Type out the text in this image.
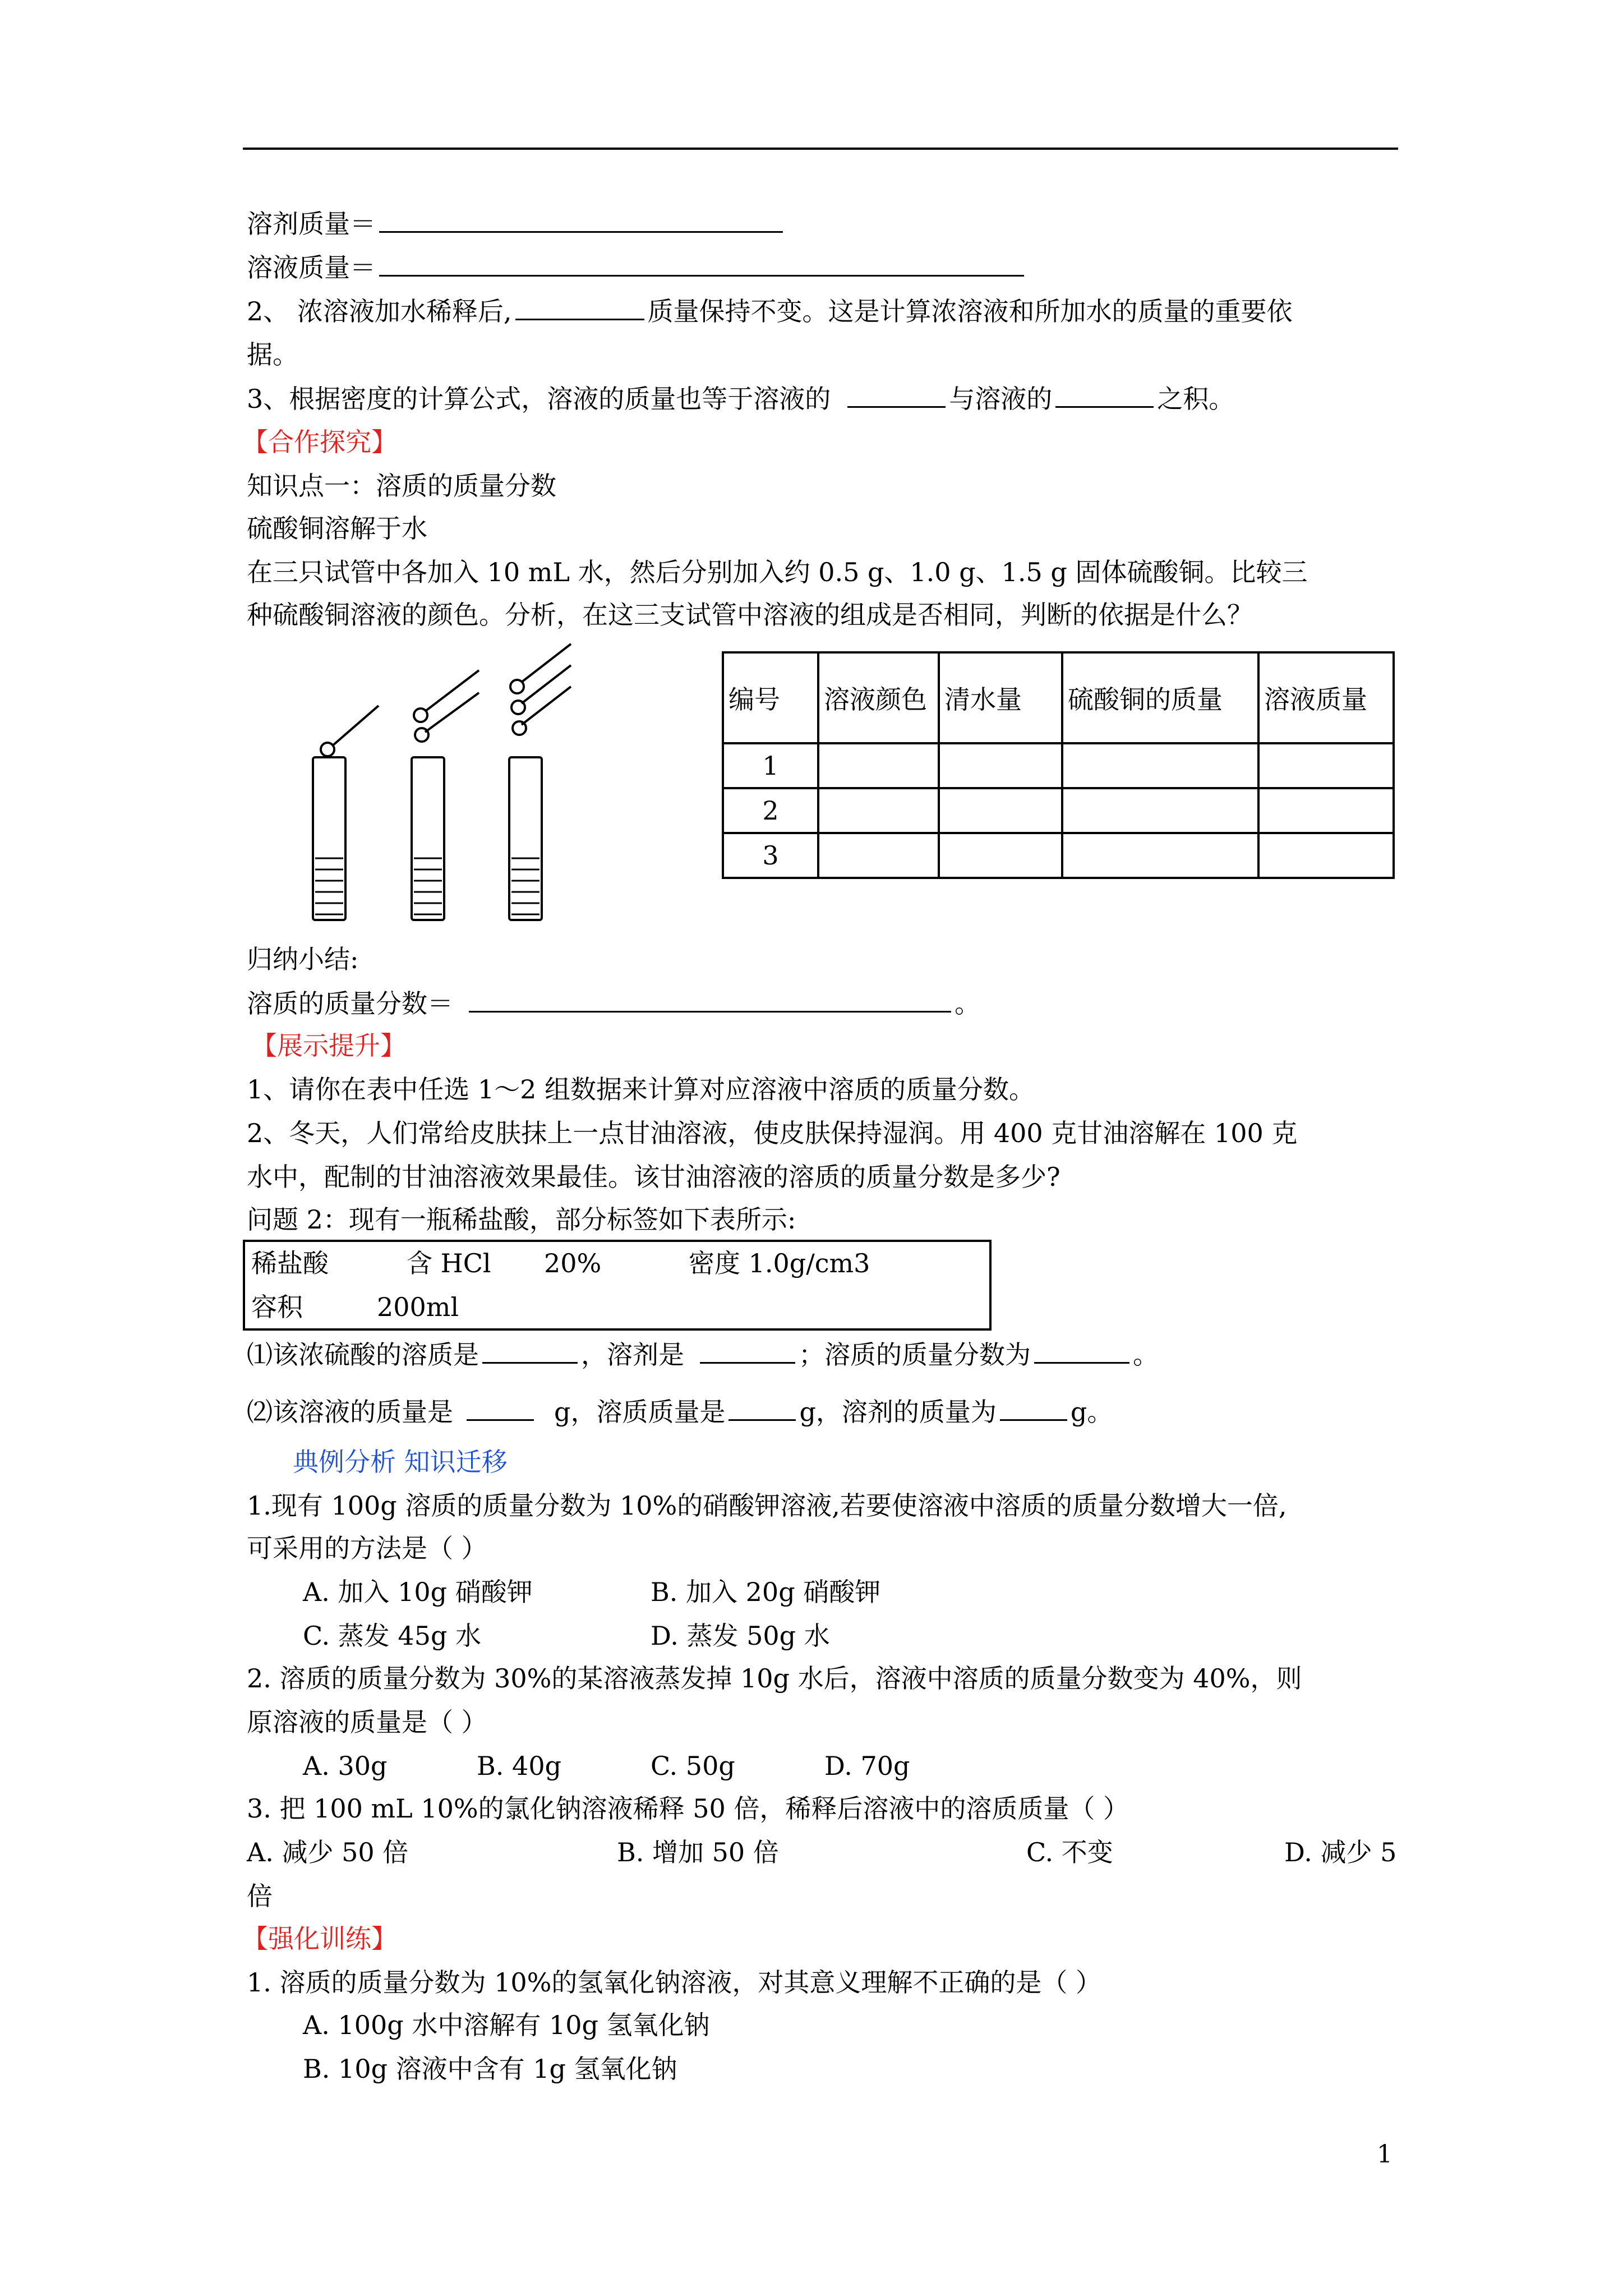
溶剂质量＝
溶液质量＝
2、 浓溶液加水稀释后,	质量保持不变。这是计算浓溶液和所加水的质量的重要依
据。
3、根据密度的计算公式，溶液的质量也等于溶液的	与溶液的	之积。
【合作探究】
知识点一：溶质的质量分数
硫酸铜溶解于水
在三只试管中各加入 10 mL 水，然后分别加入约 0.5 g、1.0 g、1.5 g 固体硫酸铜。比较三
种硫酸铜溶液的颜色。分析，在这三支试管中溶液的组成是否相同，判断的依据是什么？
编号	溶液颜色	清水量	硫酸铜的质量	溶液质量
1				
2				
3				
归纳小结:
溶质的质量分数＝	。
【展示提升】
1、请你在表中任选 1～2 组数据来计算对应溶液中溶质的质量分数。
2、冬天，人们常给皮肤抹上一点甘油溶液，使皮肤保持湿润。用 400 克甘油溶解在 100 克
水中，配制的甘油溶液效果最佳。该甘油溶液的溶质的质量分数是多少?
问题 2：现有一瓶稀盐酸，部分标签如下表所示:
稀盐酸	含 HCl 20%	密度 1.0g/cm3
容积	200ml
⑴该浓硫酸的溶质是	，溶剂是	；溶质的质量分数为	。
⑵该溶液的质量是	g，溶质质量是	g，溶剂的质量为	g。
典例分析 知识迁移
1.现有 100g 溶质的质量分数为 10%的硝酸钾溶液,若要使溶液中溶质的质量分数增大一倍,
可采用的方法是（ ）
A. 加入 10g 硝酸钾	B. 加入 20g 硝酸钾
C. 蒸发 45g 水	D. 蒸发 50g 水
2. 溶质的质量分数为 30%的某溶液蒸发掉 10g 水后，溶液中溶质的质量分数变为 40%，则
原溶液的质量是（ ）
A. 30g	B. 40g	C. 50g	D. 70g
3. 把 100 mL 10%的氯化钠溶液稀释 50 倍，稀释后溶液中的溶质质量（ ）
A. 减少 50 倍	B. 增加 50 倍	C. 不变	D. 减少 5
倍
【强化训练】
1. 溶质的质量分数为 10%的氢氧化钠溶液，对其意义理解不正确的是（ ）
A. 100g 水中溶解有 10g 氢氧化钠
B. 10g 溶液中含有 1g 氢氧化钠
1
